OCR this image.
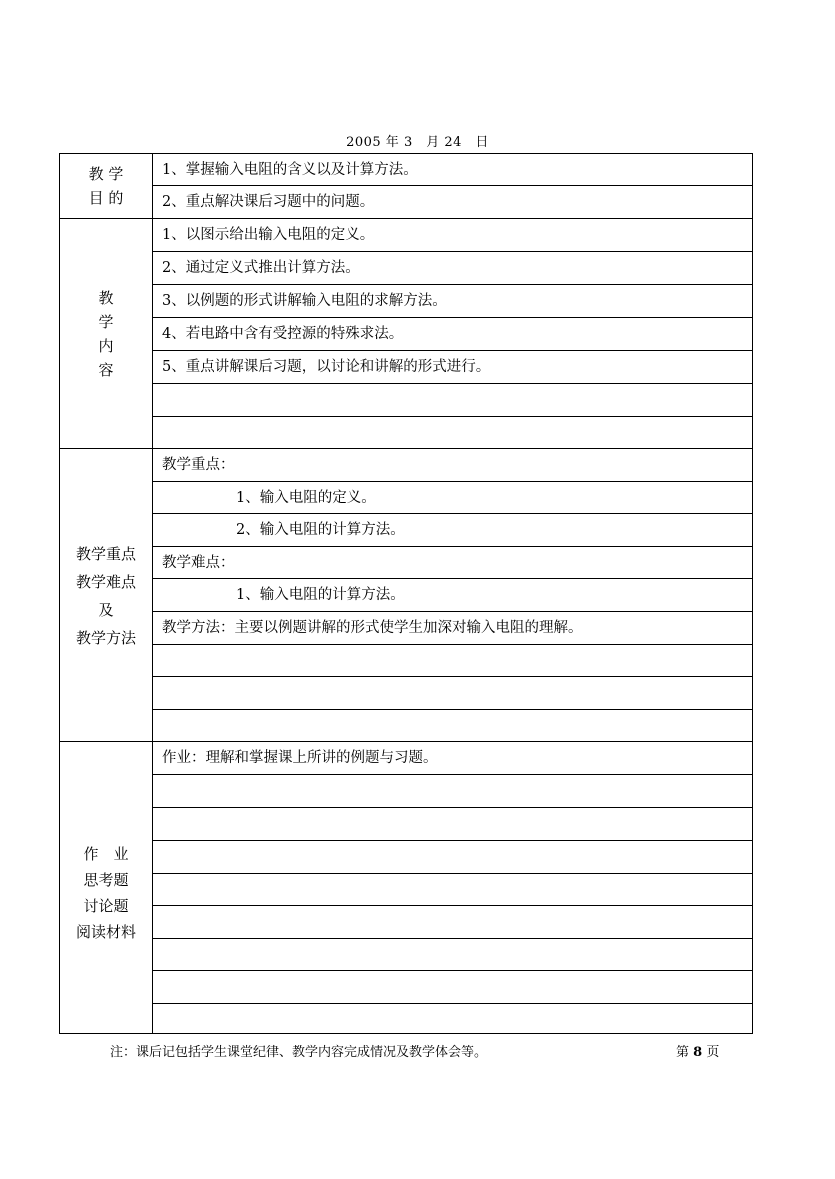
2005 年 3　月 24　日
教 学
目 的
1、掌握输入电阻的含义以及计算方法。
2、重点解决课后习题中的问题。
教
学
内
容
1、以图示给出输入电阻的定义。
2、通过定义式推出计算方法。
3、以例题的形式讲解输入电阻的求解方法。
4、若电路中含有受控源的特殊求法。
5、重点讲解课后习题，以讨论和讲解的形式进行。
教学重点
教学难点
及
教学方法
教学重点：
1、输入电阻的定义。
2、输入电阻的计算方法。
教学难点：
1、输入电阻的计算方法。
教学方法：主要以例题讲解的形式使学生加深对输入电阻的理解。
作　业
思考题
讨论题
阅读材料
作业：理解和掌握课上所讲的例题与习题。
注：课后记包括学生课堂纪律、教学内容完成情况及教学体会等。	第 8 页
